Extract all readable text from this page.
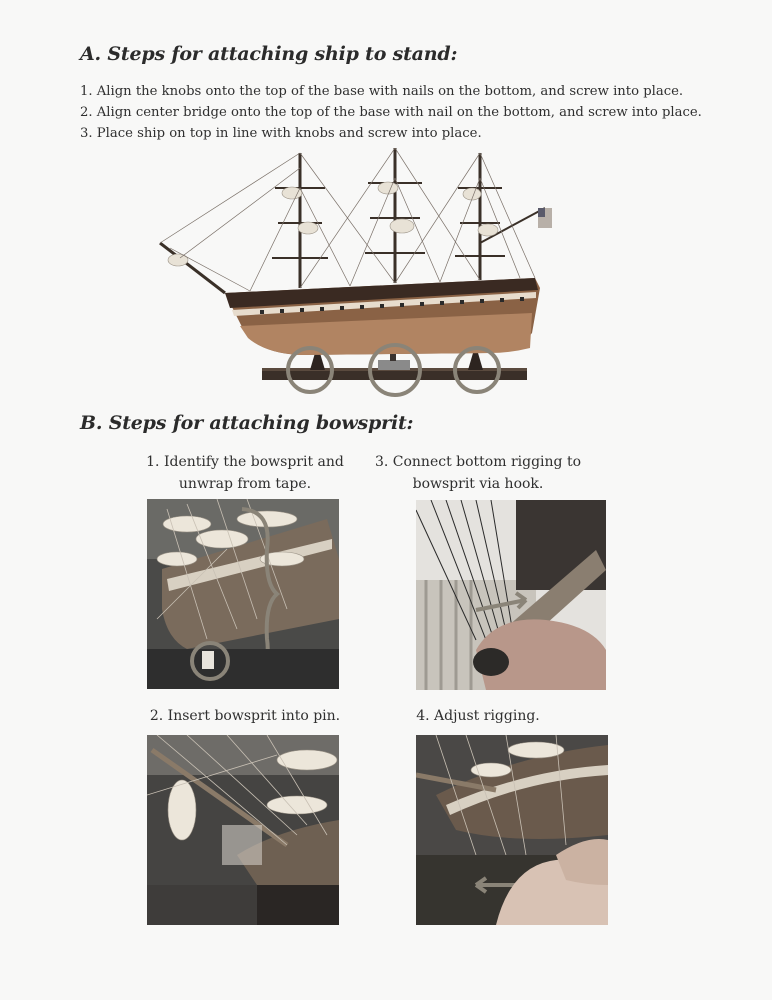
A. Steps for attaching ship to stand:
1. Align the knobs onto the top of the base with nails on the bottom, and screw into place.
2. Align center bridge onto the top of the base with nail on the bottom, and screw into place.
3. Place ship on top in line with knobs and screw into place.
B. Steps for attaching bowsprit:
1. Identify the bowsprit and
unwrap from tape.
3. Connect bottom rigging to
bowsprit via hook.
2. Insert bowsprit into pin.	4. Adjust rigging.
